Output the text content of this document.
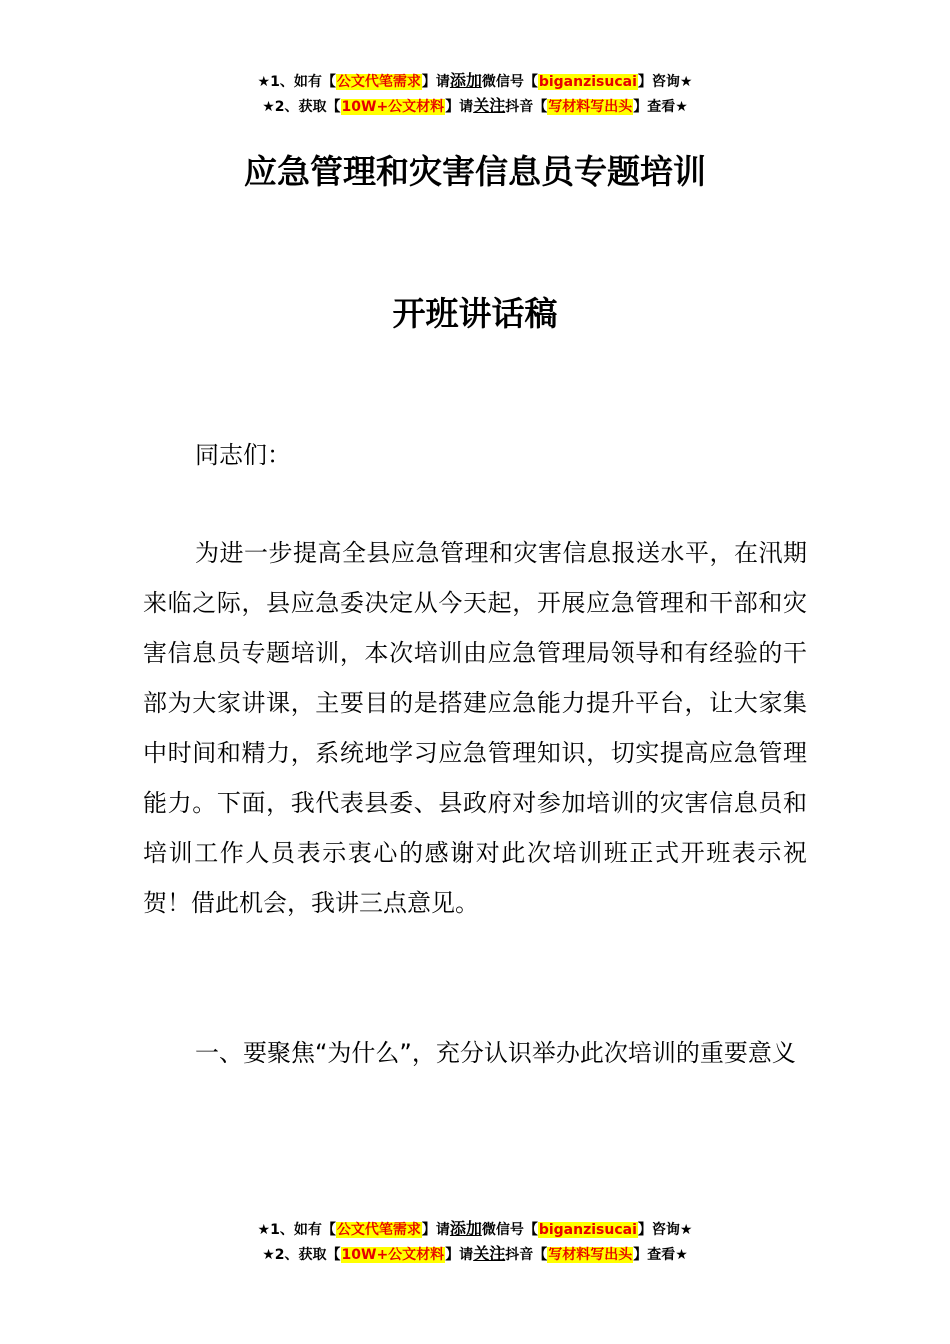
★1、如有【公文代笔需求】请添加微信号【biganzisucai】咨询★
★2、获取【10W+公文材料】请关注抖音【写材料写出头】查看★
应急管理和灾害信息员专题培训
开班讲话稿

同志们：

为进一步提高全县应急管理和灾害信息报送水平，在汛期来临之际，县应急委决定从今天起，开展应急管理和干部和灾害信息员专题培训，本次培训由应急管理局领导和有经验的干部为大家讲课，主要目的是搭建应急能力提升平台，让大家集中时间和精力，系统地学习应急管理知识，切实提高应急管理能力。下面，我代表县委、县政府对参加培训的灾害信息员和培训工作人员表示衷心的感谢对此次培训班正式开班表示祝贺！借此机会，我讲三点意见。

一、要聚焦“为什么”，充分认识举办此次培训的重要意义

★1、如有【公文代笔需求】请添加微信号【biganzisucai】咨询★
★2、获取【10W+公文材料】请关注抖音【写材料写出头】查看★
